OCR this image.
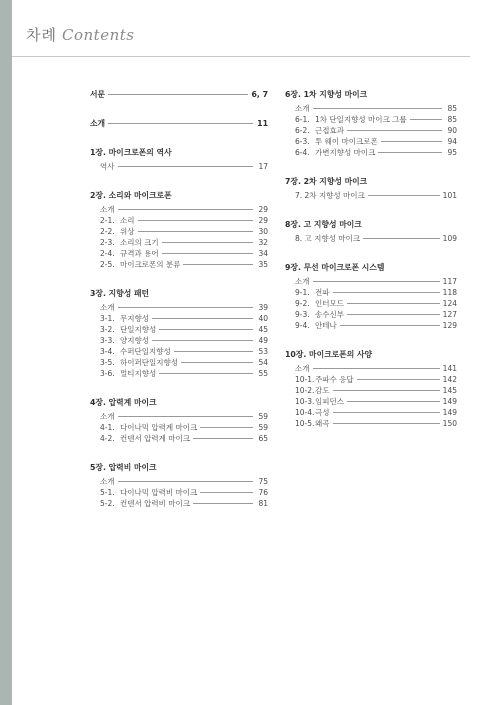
차례 Contents
서문	6, 7
소개	11
1장. 마이크로폰의 역사
역사	17
2장. 소리와 마이크로폰
소개	29
2-1. 소리	29
2-2. 위상	30
2-3. 소리의 크기	32
2-4. 규격과 용어	34
2-5. 마이크로폰의 분류	35
3장. 지향성 패턴
소개	39
3-1. 무지향성	40
3-2. 단일지향성	45
3-3. 양지향성	49
3-4. 수퍼단일지향성	53
3-5. 하이퍼단일지향성	54
3-6. 멀티지향성	55
4장. 압력계 마이크
소개	59
4-1. 다이나믹 압력계 마이크	59
4-2. 컨덴서 압력계 마이크	65
5장. 압력비 마이크
소개	75
5-1. 다이나믹 압력비 마이크	76
5-2. 컨덴서 압력비 마이크	81
6장. 1차 지향성 마이크
소개	85
6-1. 1차 단일지향성 마이크 그룹	85
6-2. 근접효과	90
6-3. 투 웨이 마이크로폰	94
6-4. 가변지향성 마이크	95
7장. 2차 지향성 마이크
7. 2차 지향성 마이크	101
8장. 고 지향성 마이크
8. 고 지향성 마이크	109
9장. 무선 마이크로폰 시스템
소개	117
9-1. 전파	118
9-2. 인터모드	124
9-3. 송수신부	127
9-4. 안테나	129
10장. 마이크로폰의 사양
소개	141
10-1.주파수 응답	142
10-2.감도	145
10-3.임피던스	149
10-4.극성	149
10-5.왜곡	150
